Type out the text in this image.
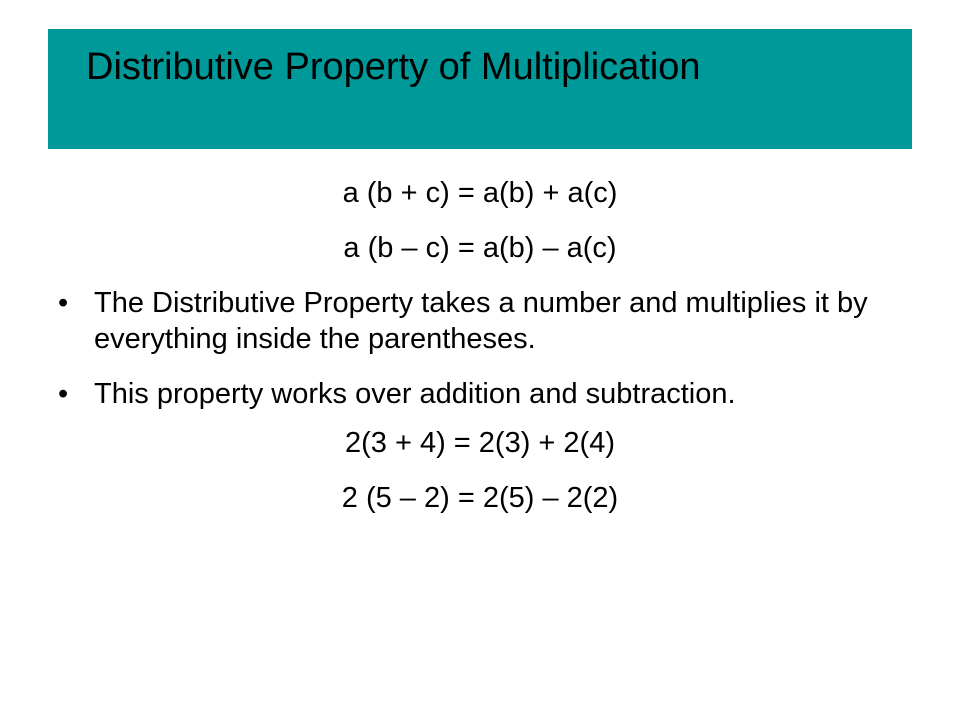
Distributive Property of Multiplication

a (b + c) = a(b) + a(c)

a (b – c) = a(b) – a(c)

• The Distributive Property takes a number and multiplies it by everything inside the parentheses.

• This property works over addition and subtraction.

2(3 + 4) = 2(3) + 2(4)

2 (5 – 2) = 2(5) – 2(2)
